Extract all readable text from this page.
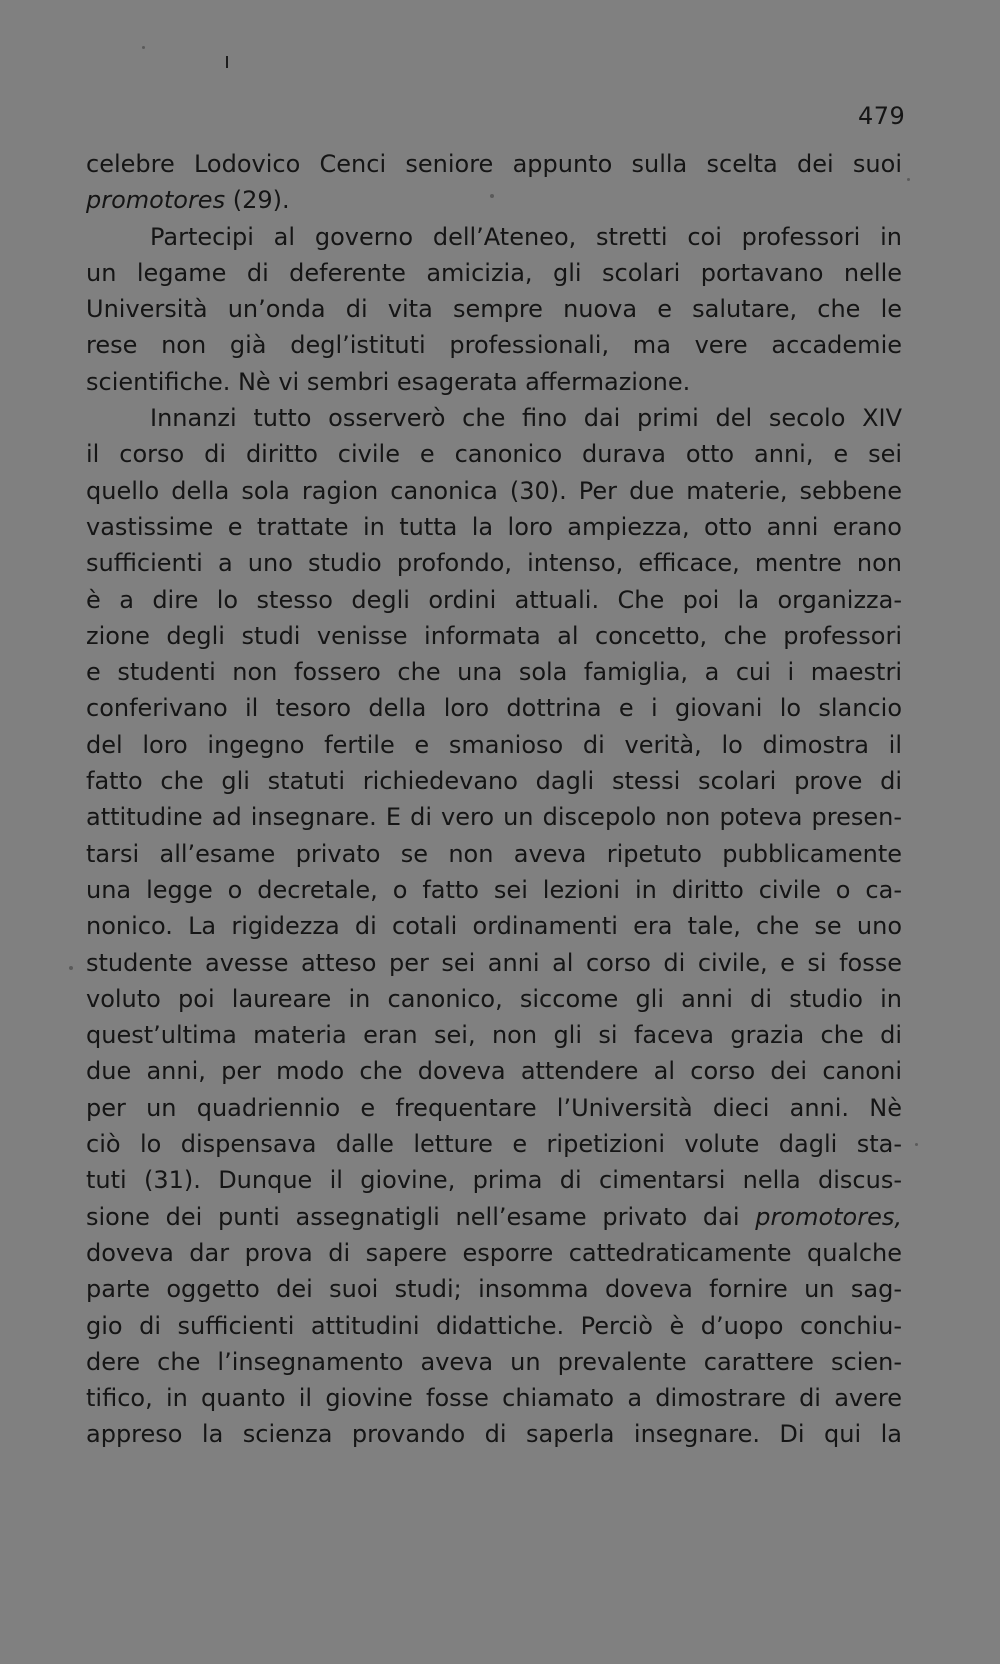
479
celebre Lodovico Cenci seniore appunto sulla scelta dei suoi
promotores (29).
Partecipi al governo dell’Ateneo, stretti coi professori in
un legame di deferente amicizia, gli scolari portavano nelle
Università un’onda di vita sempre nuova e salutare, che le
rese non già degl’istituti professionali, ma vere accademie
scientifiche. Nè vi sembri esagerata affermazione.
Innanzi tutto osserverò che fino dai primi del secolo XIV
il corso di diritto civile e canonico durava otto anni, e sei
quello della sola ragion canonica (30). Per due materie, sebbene
vastissime e trattate in tutta la loro ampiezza, otto anni erano
sufficienti a uno studio profondo, intenso, efficace, mentre non
è a dire lo stesso degli ordini attuali. Che poi la organizza-
zione degli studi venisse informata al concetto, che professori
e studenti non fossero che una sola famiglia, a cui i maestri
conferivano il tesoro della loro dottrina e i giovani lo slancio
del loro ingegno fertile e smanioso di verità, lo dimostra il
fatto che gli statuti richiedevano dagli stessi scolari prove di
attitudine ad insegnare. E di vero un discepolo non poteva presen-
tarsi all’esame privato se non aveva ripetuto pubblicamente
una legge o decretale, o fatto sei lezioni in diritto civile o ca-
nonico. La rigidezza di cotali ordinamenti era tale, che se uno
studente avesse atteso per sei anni al corso di civile, e si fosse
voluto poi laureare in canonico, siccome gli anni di studio in
quest’ultima materia eran sei, non gli si faceva grazia che di
due anni, per modo che doveva attendere al corso dei canoni
per un quadriennio e frequentare l’Università dieci anni. Nè
ciò lo dispensava dalle letture e ripetizioni volute dagli sta-
tuti (31). Dunque il giovine, prima di cimentarsi nella discus-
sione dei punti assegnatigli nell’esame privato dai promotores,
doveva dar prova di sapere esporre cattedraticamente qualche
parte oggetto dei suoi studi; insomma doveva fornire un sag-
gio di sufficienti attitudini didattiche. Perciò è d’uopo conchiu-
dere che l’insegnamento aveva un prevalente carattere scien-
tifico, in quanto il giovine fosse chiamato a dimostrare di avere
appreso la scienza provando di saperla insegnare. Di qui la
